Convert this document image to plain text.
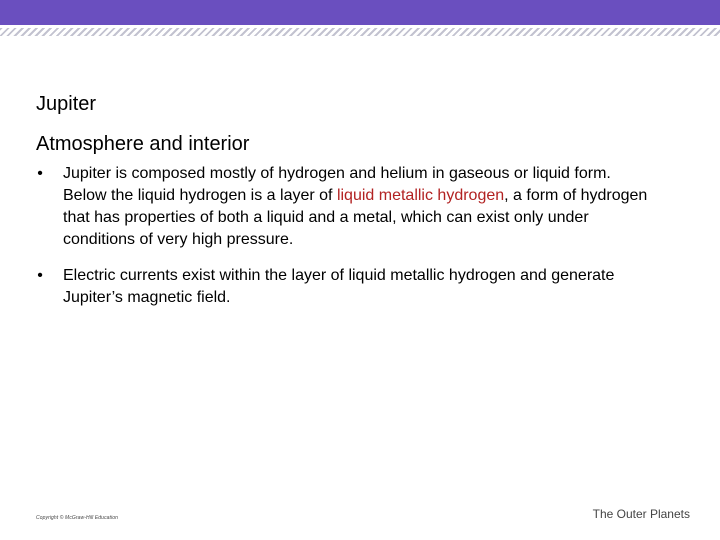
Jupiter
Atmosphere and interior
•	Jupiter is composed mostly of hydrogen and helium in gaseous or liquid form. Below the liquid hydrogen is a layer of liquid metallic hydrogen, a form of hydrogen that has properties of both a liquid and a metal, which can exist only under conditions of very high pressure.
•	Electric currents exist within the layer of liquid metallic hydrogen and generate Jupiter’s magnetic field.
Copyright © McGraw-Hill Education	The Outer Planets
